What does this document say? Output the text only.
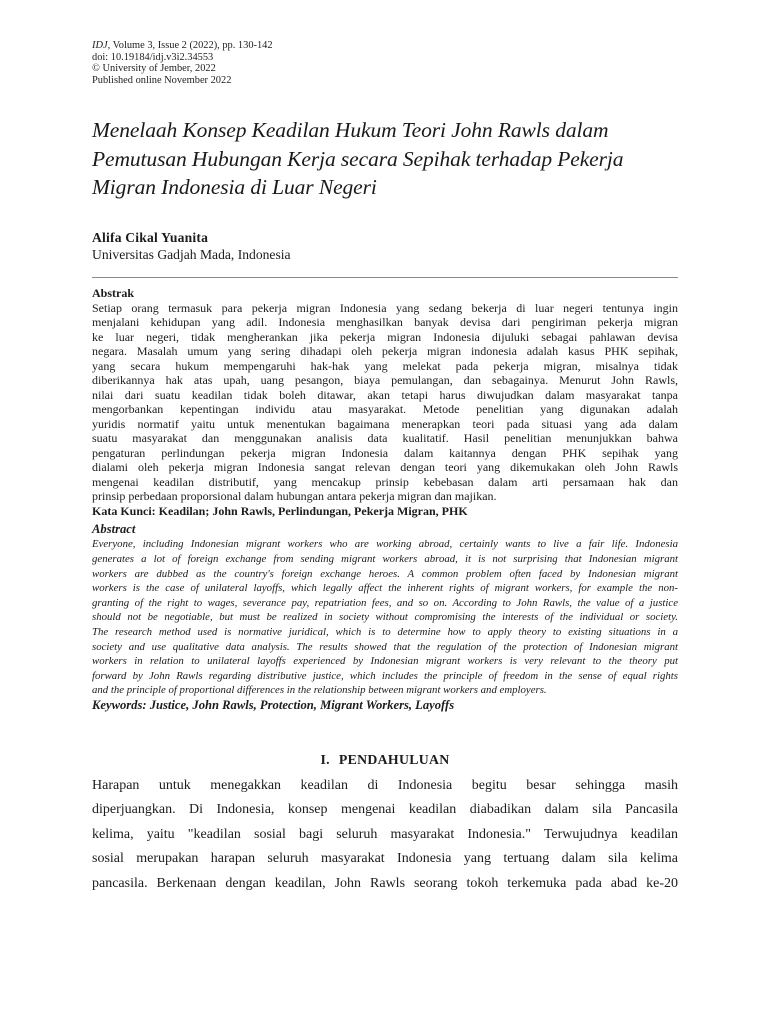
IDJ, Volume 3, Issue 2 (2022), pp. 130-142

doi: 10.19184/idj.v3i2.34553

© University of Jember, 2022

Published online November 2022

Menelaah Konsep Keadilan Hukum Teori John Rawls dalam
Pemutusan Hubungan Kerja secara Sepihak terhadap Pekerja
Migran Indonesia di Luar Negeri

Alifa Cikal Yuanita

Universitas Gadjah Mada, Indonesia

Abstrak

Setiap orang termasuk para pekerja migran Indonesia yang sedang bekerja di luar negeri tentunya ingin
menjalani kehidupan yang adil. Indonesia menghasilkan banyak devisa dari pengiriman pekerja migran
ke luar negeri, tidak mengherankan jika pekerja migran Indonesia dijuluki sebagai pahlawan devisa
negara. Masalah umum yang sering dihadapi oleh pekerja migran indonesia adalah kasus PHK sepihak,
yang secara hukum mempengaruhi hak-hak yang melekat pada pekerja migran, misalnya tidak
diberikannya hak atas upah, uang pesangon, biaya pemulangan, dan sebagainya. Menurut John Rawls,
nilai dari suatu keadilan tidak boleh ditawar, akan tetapi harus diwujudkan dalam masyarakat tanpa
mengorbankan kepentingan individu atau masyarakat. Metode penelitian yang digunakan adalah
yuridis normatif yaitu untuk menentukan bagaimana menerapkan teori pada situasi yang ada dalam
suatu masyarakat dan menggunakan analisis data kualitatif. Hasil penelitian menunjukkan bahwa
pengaturan perlindungan pekerja migran Indonesia dalam kaitannya dengan PHK sepihak yang
dialami oleh pekerja migran Indonesia sangat relevan dengan teori yang dikemukakan oleh John Rawls
mengenai keadilan distributif, yang mencakup prinsip kebebasan dalam arti persamaan hak dan
prinsip perbedaan proporsional dalam hubungan antara pekerja migran dan majikan.

Kata Kunci: Keadilan; John Rawls, Perlindungan, Pekerja Migran, PHK

Abstract

Everyone, including Indonesian migrant workers who are working abroad, certainly wants to live a fair life. Indonesia
generates a lot of foreign exchange from sending migrant workers abroad, it is not surprising that Indonesian migrant
workers are dubbed as the country's foreign exchange heroes. A common problem often faced by Indonesian migrant
workers is the case of unilateral layoffs, which legally affect the inherent rights of migrant workers, for example the non-
granting of the right to wages, severance pay, repatriation fees, and so on. According to John Rawls, the value of a justice
should not be negotiable, but must be realized in society without compromising the interests of the individual or society.
The research method used is normative juridical, which is to determine how to apply theory to existing situations in a
society and use qualitative data analysis. The results showed that the regulation of the protection of Indonesian migrant
workers in relation to unilateral layoffs experienced by Indonesian migrant workers is very relevant to the theory put
forward by John Rawls regarding distributive justice, which includes the principle of freedom in the sense of equal rights
and the principle of proportional differences in the relationship between migrant workers and employers.

Keywords: Justice, John Rawls, Protection, Migrant Workers, Layoffs

I. PENDAHULUAN

Harapan untuk menegakkan keadilan di Indonesia begitu besar sehingga masih
diperjuangkan. Di Indonesia, konsep mengenai keadilan diabadikan dalam sila Pancasila
kelima, yaitu "keadilan sosial bagi seluruh masyarakat Indonesia." Terwujudnya keadilan
sosial merupakan harapan seluruh masyarakat Indonesia yang tertuang dalam sila kelima
pancasila. Berkenaan dengan keadilan, John Rawls seorang tokoh terkemuka pada abad ke-20
